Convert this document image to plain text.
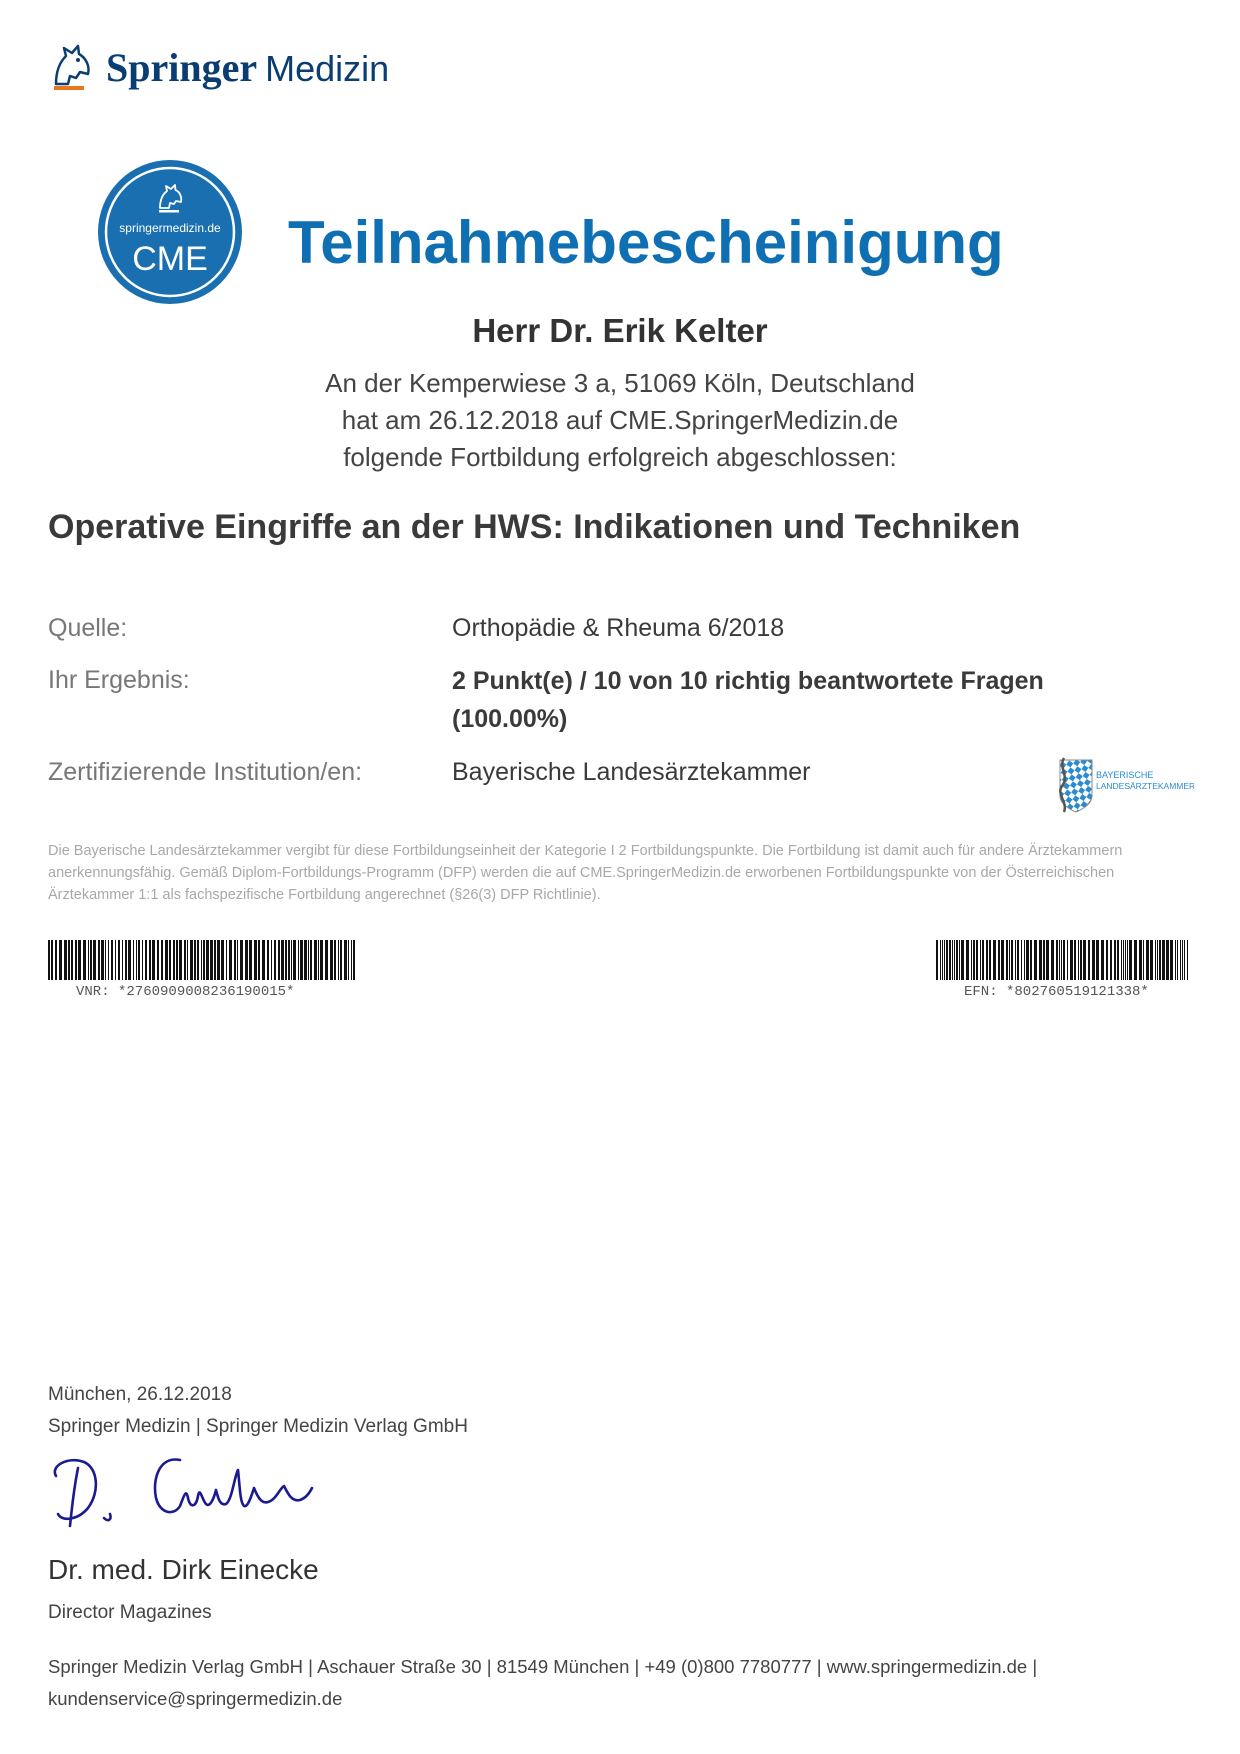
Springer Medizin
springermedizin.de
CME Teilnahmebescheinigung
Herr Dr. Erik Kelter
An der Kemperwiese 3 a, 51069 Köln, Deutschland
hat am 26.12.2018 auf CME.SpringerMedizin.de
folgende Fortbildung erfolgreich abgeschlossen:
Operative Eingriffe an der HWS: Indikationen und Techniken
Quelle:	Orthopädie & Rheuma 6/2018
Ihr Ergebnis:	2 Punkt(e) / 10 von 10 richtig beantwortete Fragen (100.00%)
Zertifizierende Institution/en:	Bayerische Landesärztekammer	BAYERISCHE
LANDESÄRZTEKAMMER
Die Bayerische Landesärztekammer vergibt für diese Fortbildungseinheit der Kategorie I 2 Fortbildungspunkte. Die Fortbildung ist damit auch für andere Ärztekammern anerkennungsfähig. Gemäß Diplom-Fortbildungs-Programm (DFP) werden die auf CME.SpringerMedizin.de erworbenen Fortbildungspunkte von der Österreichischen Ärztekammer 1:1 als fachspezifische Fortbildung angerechnet (§26(3) DFP Richtlinie).
VNR: *2760909008236190015*	EFN: *802760519121338*
München, 26.12.2018
Springer Medizin | Springer Medizin Verlag GmbH
Dr. med. Dirk Einecke
Director Magazines
Springer Medizin Verlag GmbH | Aschauer Straße 30 | 81549 München | +49 (0)800 7780777 | www.springermedizin.de |
kundenservice@springermedizin.de
